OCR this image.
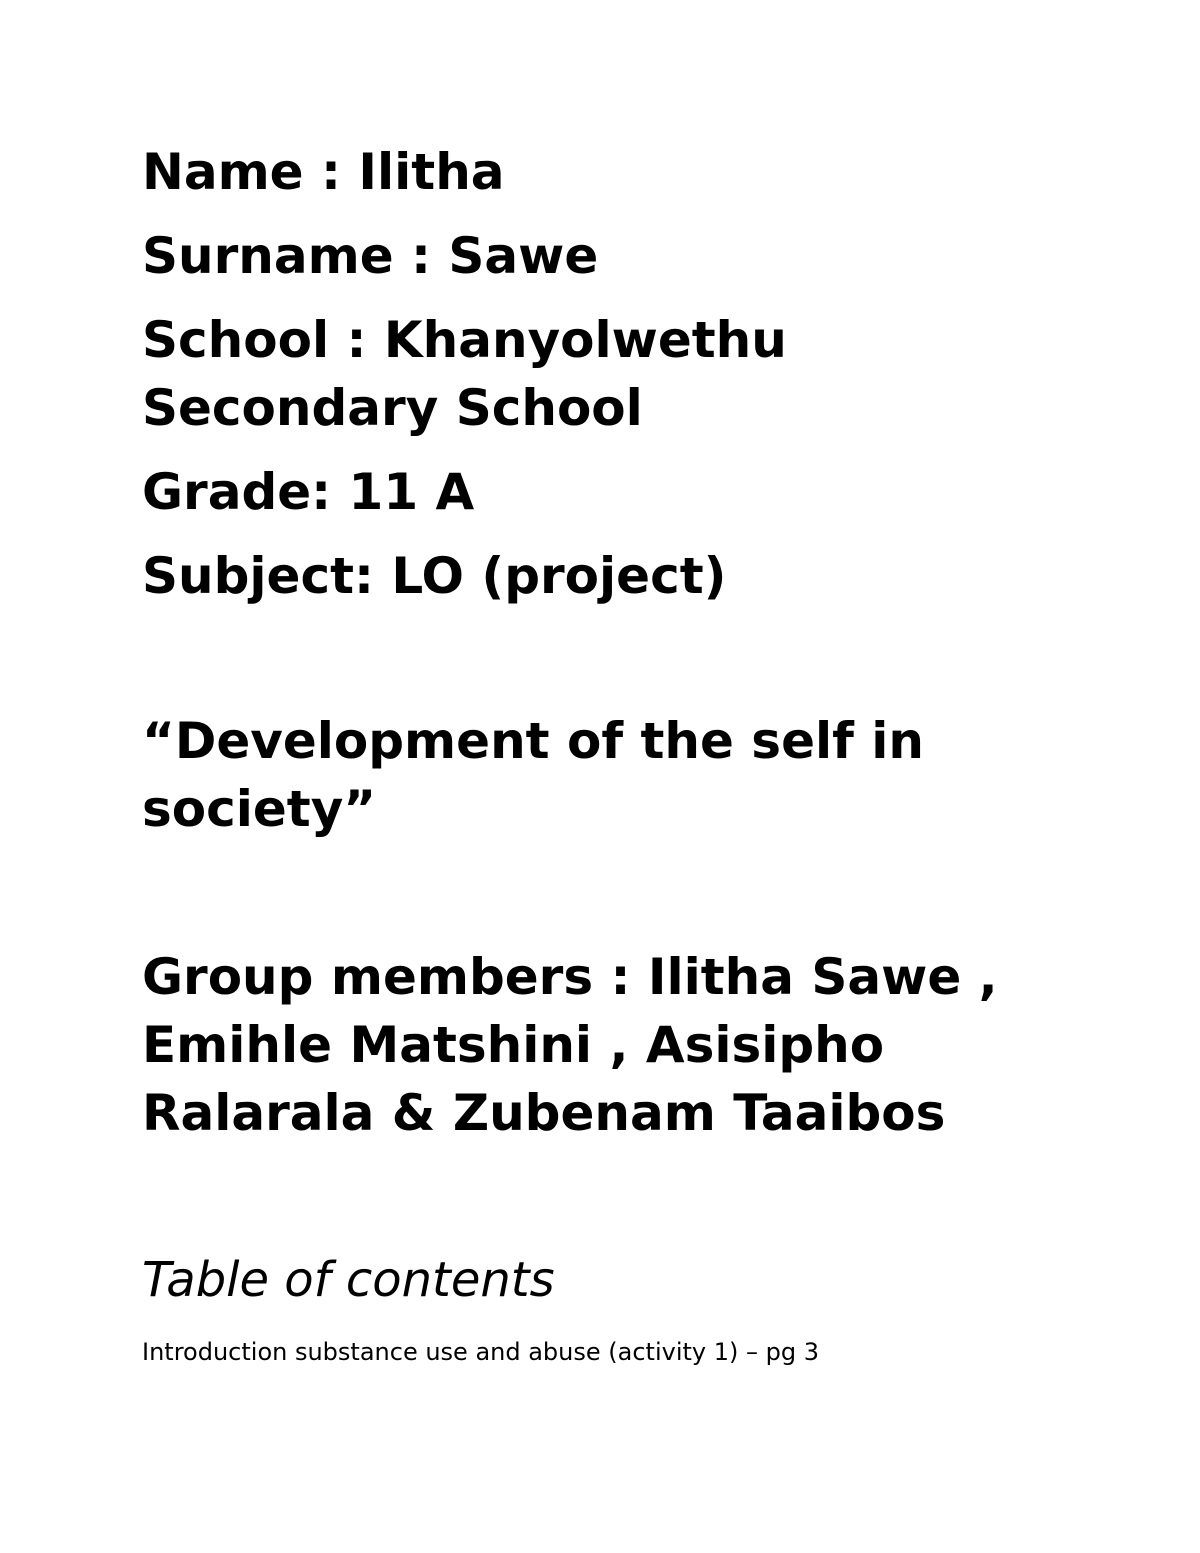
Name : Ilitha

Surname : Sawe

School : Khanyolwethu

Secondary School

Grade: 11 A

Subject: LO (project)

“Development of the self in

society”

Group members : Ilitha Sawe ,

Emihle Matshini , Asisipho

Ralarala & Zubenam Taaibos

Table of contents

Introduction substance use and abuse (activity 1) – pg 3
